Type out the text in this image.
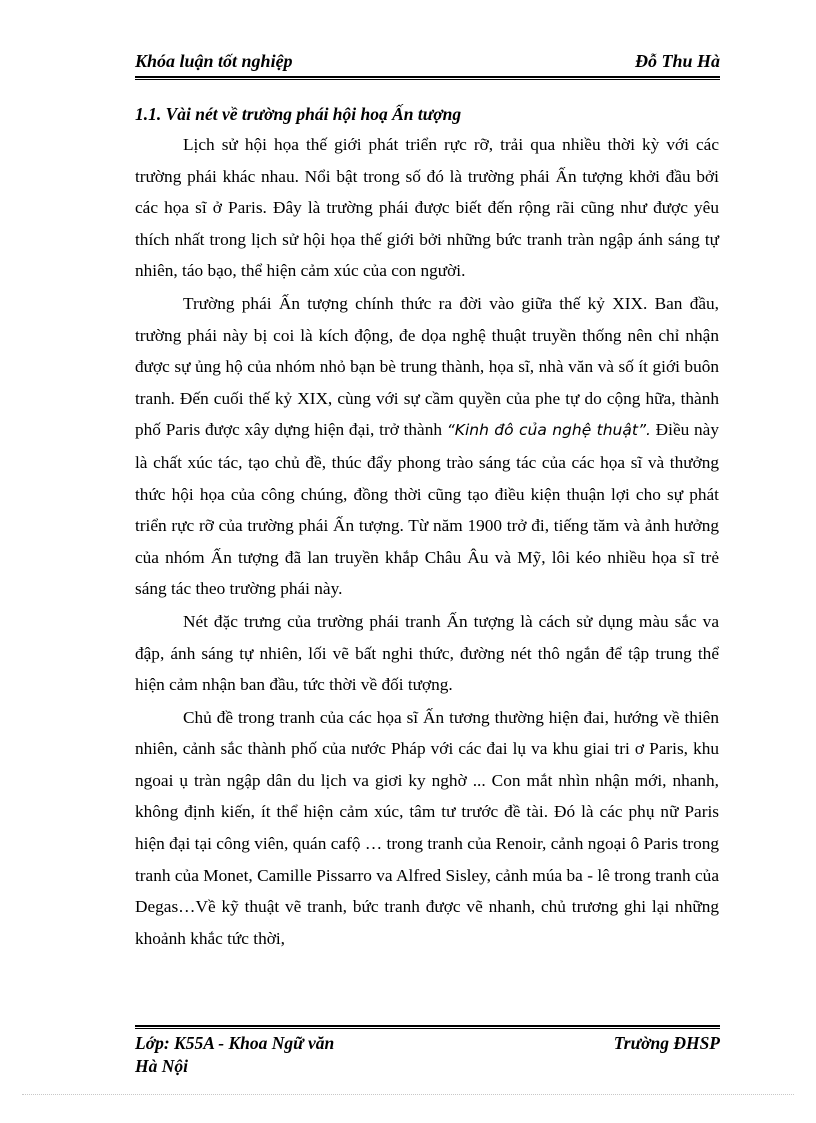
Khóa luận tốt nghiệp	Đỗ Thu Hà
1.1. Vài nét về trường phái hội hoạ Ấn tượng

Lịch sử hội họa thế giới phát triển rực rỡ, trải qua nhiều thời kỳ với các trường phái khác nhau. Nổi bật trong số đó là trường phái Ấn tượng khởi đầu bởi các họa sĩ ở Paris. Đây là trường phái được biết đến rộng rãi cũng như được yêu thích nhất trong lịch sử hội họa thế giới bởi những bức tranh tràn ngập ánh sáng tự nhiên, táo bạo, thể hiện cảm xúc của con người.

Trường phái Ấn tượng chính thức ra đời vào giữa thế kỷ XIX. Ban đầu, trường phái này bị coi là kích động, đe dọa nghệ thuật truyền thống nên chỉ nhận được sự ủng hộ của nhóm nhỏ bạn bè trung thành, họa sĩ, nhà văn và số ít giới buôn tranh. Đến cuối thế kỷ XIX, cùng với sự cầm quyền của phe tự do cộng hữa, thành phố Paris được xây dựng hiện đại, trở thành “Kinh đô của nghệ thuật”. Điều này là chất xúc tác, tạo chủ đề, thúc đẩy phong trào sáng tác của các họa sĩ và thưởng thức hội họa của công chúng, đồng thời cũng tạo điều kiện thuận lợi cho sự phát triển rực rỡ của trường phái Ấn tượng. Từ năm 1900 trở đi, tiếng tăm và ảnh hưởng của nhóm Ấn tượng đã lan truyền khắp Châu Âu và Mỹ, lôi kéo nhiều họa sĩ trẻ sáng tác theo trường phái này.

Nét đặc trưng của trường phái tranh Ấn tượng là cách sử dụng màu sắc va đập, ánh sáng tự nhiên, lối vẽ bất nghi thức, đường nét thô ngắn để tập trung thể hiện cảm nhận ban đầu, tức thời về đối tượng.

Chủ đề trong tranh của các họa sĩ Ấn tương thường hiện đai, hướng về thiên nhiên, cảnh sắc thành phố của nước Pháp với các đai lụ va khu giai tri ơ Paris, khu ngoai ụ tràn ngập dân du lịch va giơi ky nghờ ... Con mắt nhìn nhận mới, nhanh, không định kiến, ít thể hiện cảm xúc, tâm tư trước đề tài. Đó là các phụ nữ Paris hiện đại tại công viên, quán cafộ … trong tranh của Renoir, cảnh ngoại ô Paris trong tranh của Monet, Camille Pissarro va Alfred Sisley, cảnh múa ba - lê trong tranh của Degas…Về kỹ thuật vẽ tranh, bức tranh được vẽ nhanh, chủ trương ghi lại những khoảnh khắc tức thời,

Lớp: K55A - Khoa Ngữ văn	Trường ĐHSP
Hà Nội
